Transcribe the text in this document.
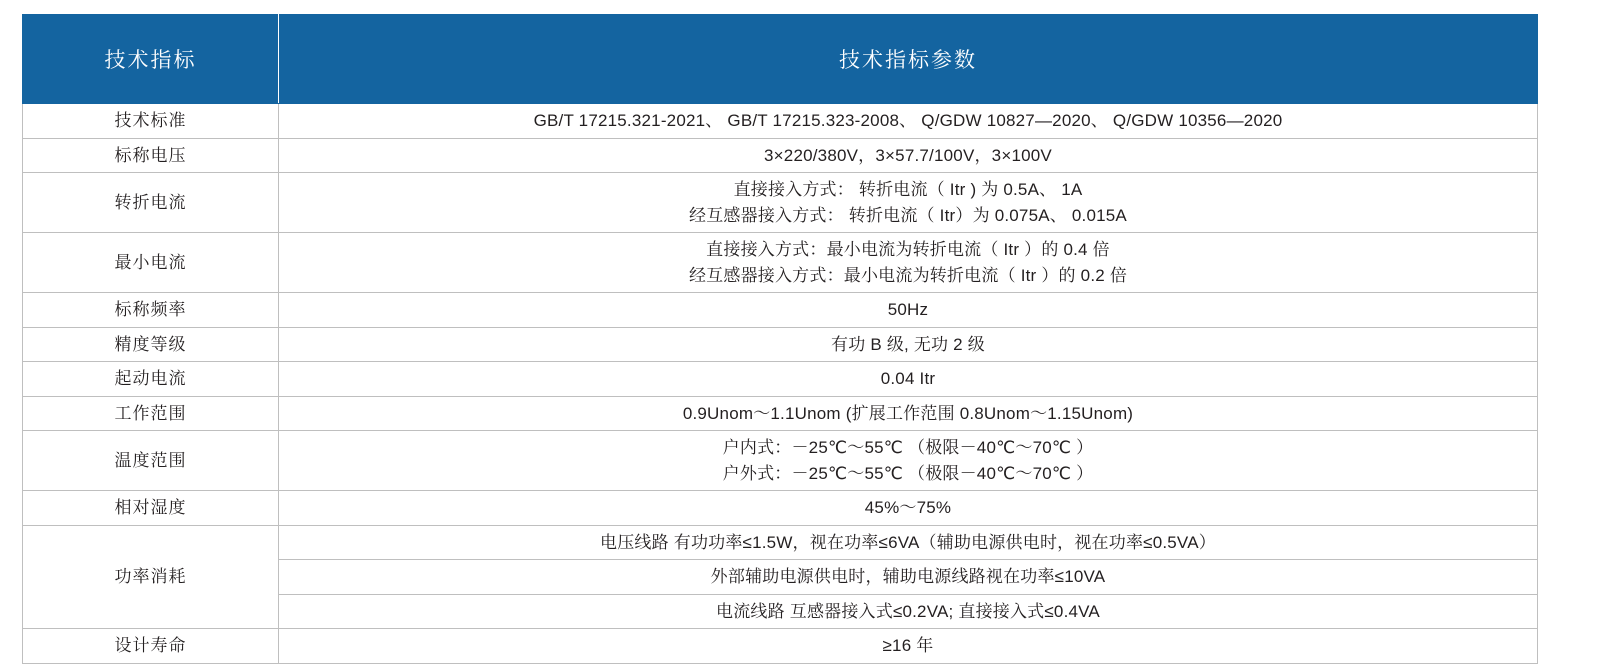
技术指标	技术指标参数
技术标准	GB/T 17215.321-2021、 GB/T 17215.323-2008、 Q/GDW 10827—2020、 Q/GDW 10356—2020

标称电压	3×220/380V，3×57.7/100V，3×100V

转折电流	直接接入方式： 转折电流（ Itr ) 为 0.5A、 1A
经互感器接入方式： 转折电流（ Itr）为 0.075A、 0.015A

最小电流	直接接入方式：最小电流为转折电流（ Itr ）的 0.4 倍
经互感器接入方式：最小电流为转折电流（ Itr ）的 0.2 倍

标称频率	50Hz

精度等级	有功 B 级, 无功 2 级

起动电流	0.04 Itr

工作范围	0.9Unom～1.1Unom (扩展工作范围 0.8Unom～1.15Unom)

温度范围	户内式：－25℃～55℃ （极限－40℃～70℃ ）
户外式：－25℃～55℃ （极限－40℃～70℃ ）

相对湿度	45%～75%

功率消耗	电压线路 有功功率≤1.5W，视在功率≤6VA（辅助电源供电时，视在功率≤0.5VA）

	外部辅助电源供电时，辅助电源线路视在功率≤10VA

	电流线路 互感器接入式≤0.2VA; 直接接入式≤0.4VA

设计寿命	≥16 年
